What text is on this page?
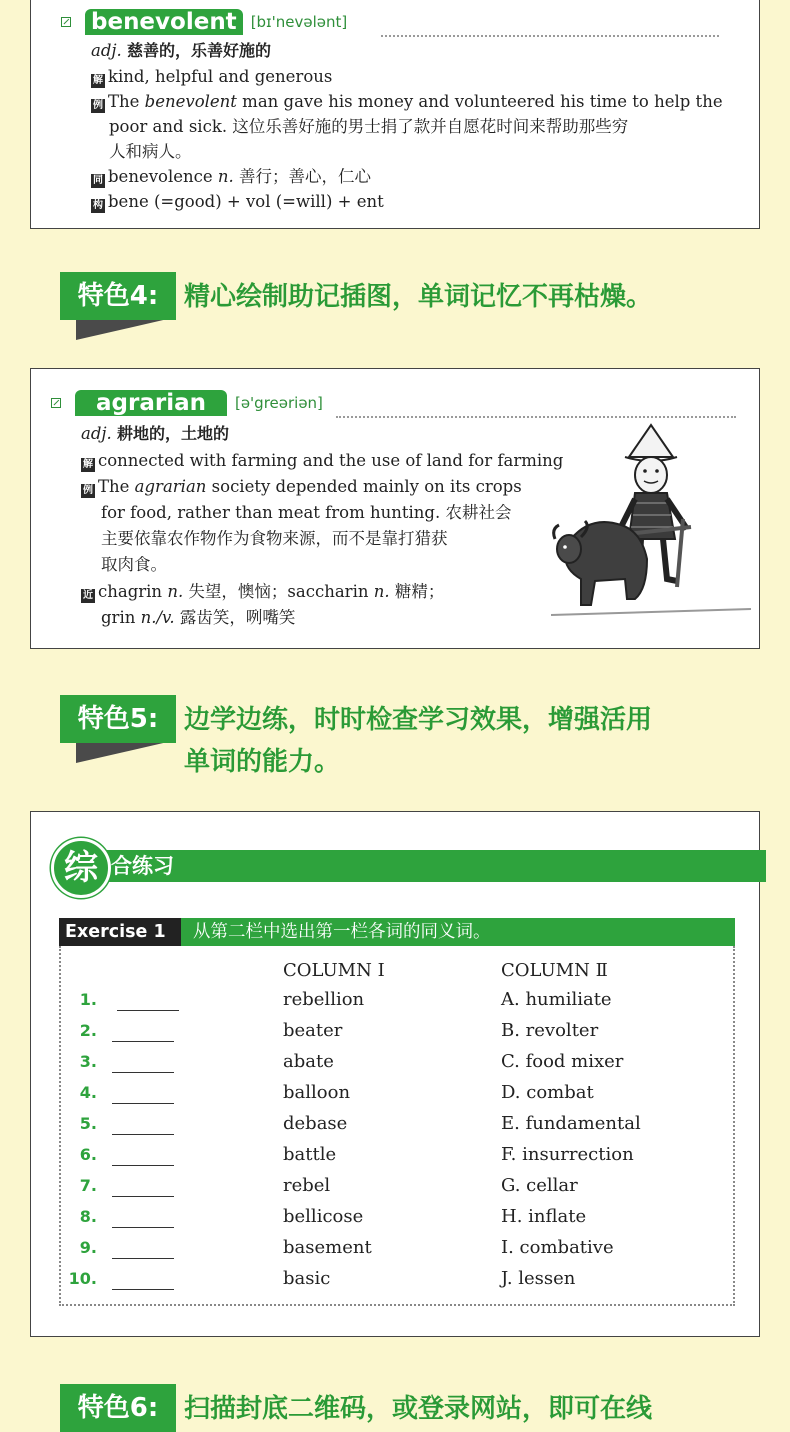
benevolent [bɪ'nevələnt]
adj. 慈善的，乐善好施的
解 kind, helpful and generous
例 The benevolent man gave his money and volunteered his time to help the
poor and sick. 这位乐善好施的男士捐了款并自愿花时间来帮助那些穷
人和病人。
同 benevolence n. 善行；善心，仁心
构 bene (=good) + vol (=will) + ent
特色4: 精心绘制助记插图，单词记忆不再枯燥。
agrarian	[ə'greəriən]
adj. 耕地的，土地的
解 connected with farming and the use of land for farming
例 The agrarian society depended mainly on its crops
for food, rather than meat from hunting. 农耕社会
主要依靠农作物作为食物来源，而不是靠打猎获
取肉食。
近 chagrin n. 失望，懊恼；saccharin n. 糖精；
grin n./v. 露齿笑，咧嘴笑
特色5: 边学边练，时时检查学习效果，增强活用
单词的能力。
综 合练习
Exercise 1	从第二栏中选出第一栏各词的同义词。
COLUMN Ⅰ	COLUMN Ⅱ
1.	rebellion	A. humiliate
2.	beater	B. revolter
3.	abate	C. food mixer
4.	balloon	D. combat
5.	debase	E. fundamental
6.	battle	F. insurrection
7.	rebel	G. cellar
8.	bellicose	H. inflate
9.	basement	I. combative
10.	basic	J. lessen
特色6: 扫描封底二维码，或登录网站，即可在线
